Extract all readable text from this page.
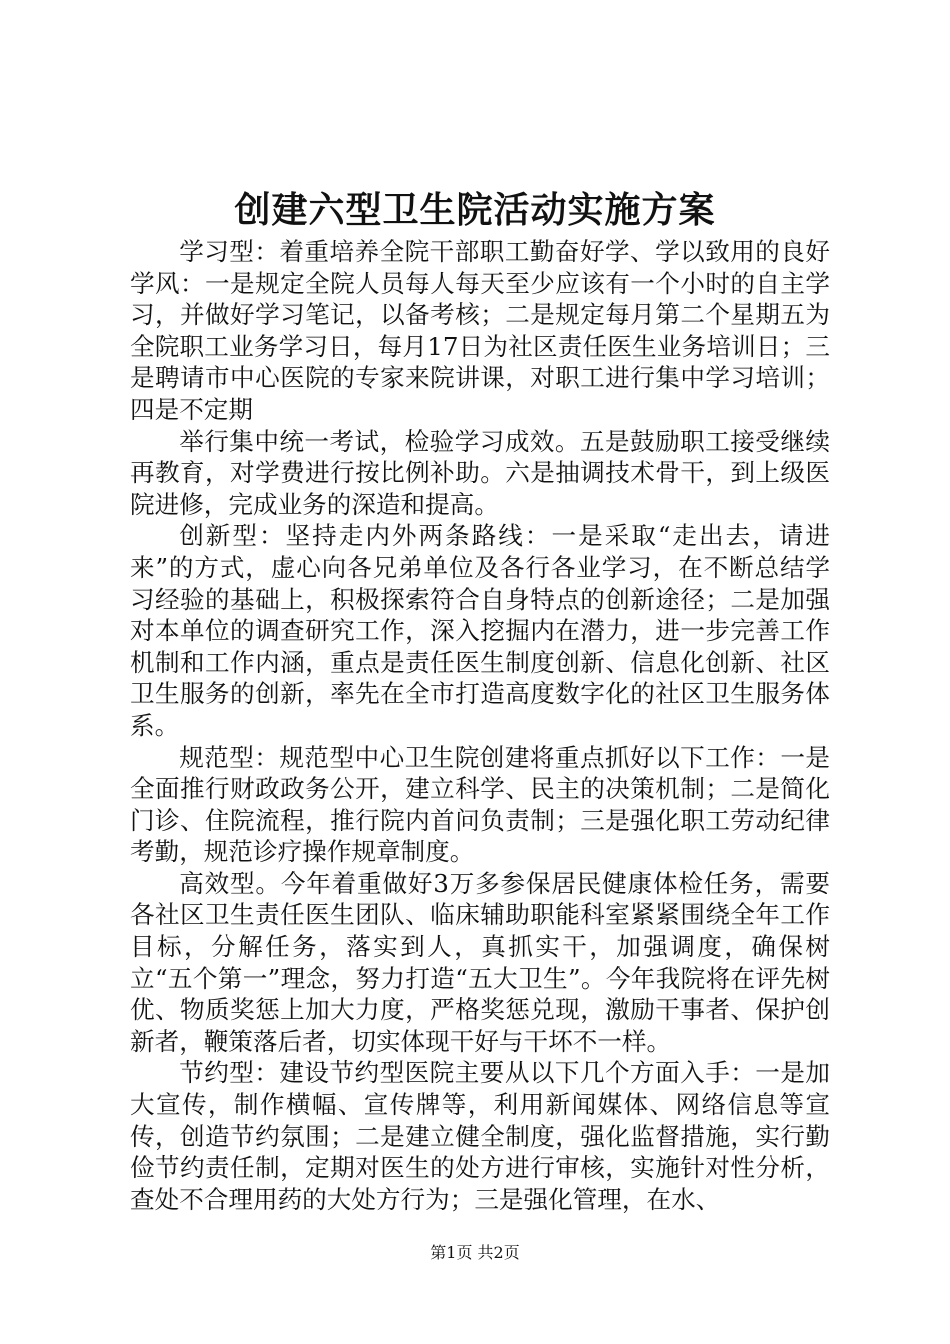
创建六型卫生院活动实施方案

学习型：着重培养全院干部职工勤奋好学、学以致用的良好学风：一是规定全院人员每人每天至少应该有一个小时的自主学习，并做好学习笔记，以备考核；二是规定每月第二个星期五为全院职工业务学习日，每月17日为社区责任医生业务培训日；三是聘请市中心医院的专家来院讲课，对职工进行集中学习培训；四是不定期

举行集中统一考试，检验学习成效。五是鼓励职工接受继续再教育，对学费进行按比例补助。六是抽调技术骨干，到上级医院进修，完成业务的深造和提高。

创新型：坚持走内外两条路线：一是采取“走出去，请进来”的方式，虚心向各兄弟单位及各行各业学习，在不断总结学习经验的基础上，积极探索符合自身特点的创新途径；二是加强对本单位的调查研究工作，深入挖掘内在潜力，进一步完善工作机制和工作内涵，重点是责任医生制度创新、信息化创新、社区卫生服务的创新，率先在全市打造高度数字化的社区卫生服务体系。

规范型：规范型中心卫生院创建将重点抓好以下工作：一是全面推行财政政务公开，建立科学、民主的决策机制；二是简化门诊、住院流程，推行院内首问负责制；三是强化职工劳动纪律考勤，规范诊疗操作规章制度。

高效型。今年着重做好3万多参保居民健康体检任务，需要各社区卫生责任医生团队、临床辅助职能科室紧紧围绕全年工作目标，分解任务，落实到人，真抓实干，加强调度，确保树立“五个第一”理念，努力打造“五大卫生”。今年我院将在评先树优、物质奖惩上加大力度，严格奖惩兑现，激励干事者、保护创新者，鞭策落后者，切实体现干好与干坏不一样。

节约型：建设节约型医院主要从以下几个方面入手：一是加大宣传，制作横幅、宣传牌等，利用新闻媒体、网络信息等宣传，创造节约氛围；二是建立健全制度，强化监督措施，实行勤俭节约责任制，定期对医生的处方进行审核，实施针对性分析，查处不合理用药的大处方行为；三是强化管理，在水、

第1页 共2页
